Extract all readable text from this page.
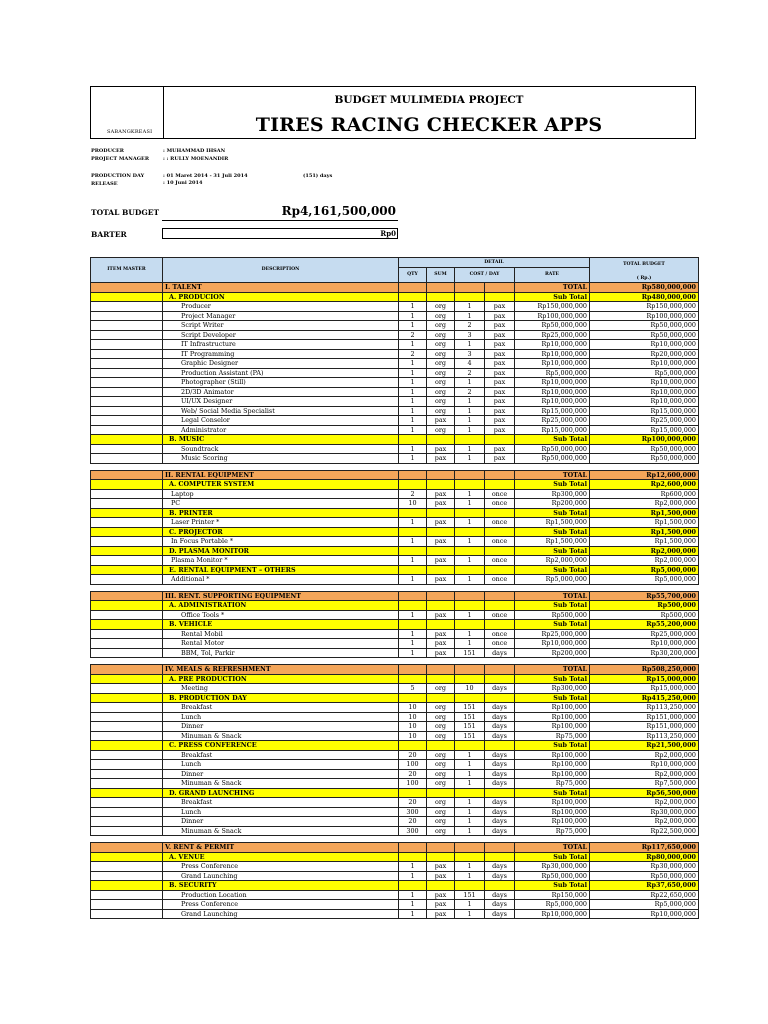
SABANGKREASI
BUDGET MULIMEDIA PROJECT
TIRES RACING CHECKER APPS
PRODUCER	: MUHAMMAD IHSAN
PROJECT MANAGER	: : RULLY MOENANDIR
PRODUCTION DAY	: 01 Maret 2014 - 31 Juli 2014	(151) days
RELEASE	: 10 Juni 2014
TOTAL BUDGET	Rp4,161,500,000
BARTER	Rp0
ITEM MASTER	DESCRIPTION	DETAIL					TOTAL BUDGET
		QTY	SUM	COST / DAY		RATE	( Rp.)
	I. TALENT					TOTAL	Rp580,000,000
	A. PRODUCION					Sub Total	Rp480,000,000
	Producer	1	org	1	pax	Rp150,000,000	Rp150,000,000
	Project Manager	1	org	1	pax	Rp100,000,000	Rp100,000,000
	Script Writer	1	org	2	pax	Rp50,000,000	Rp50,000,000
	Script Developer	2	org	3	pax	Rp25,000,000	Rp50,000,000
	IT Infrastructure	1	org	1	pax	Rp10,000,000	Rp10,000,000
	IT Programming	2	org	3	pax	Rp10,000,000	Rp20,000,000
	Graphic Designer	1	org	4	pax	Rp10,000,000	Rp10,000,000
	Production Assistant (PA)	1	org	2	pax	Rp5,000,000	Rp5,000,000
	Photographer (Still)	1	org	1	pax	Rp10,000,000	Rp10,000,000
	2D/3D Animator	1	org	2	pax	Rp10,000,000	Rp10,000,000
	UI/UX Designer	1	org	1	pax	Rp10,000,000	Rp10,000,000
	Web/ Social Media Specialist	1	org	1	pax	Rp15,000,000	Rp15,000,000
	Legal Conselor	1	pax	1	pax	Rp25,000,000	Rp25,000,000
	Administrator	1	org	1	pax	Rp15,000,000	Rp15,000,000
	B. MUSIC					Sub Total	Rp100,000,000
	Soundtrack	1	pax	1	pax	Rp50,000,000	Rp50,000,000
	Music Scoring	1	pax	1	pax	Rp50,000,000	Rp50,000,000

	II. RENTAL EQUIPMENT					TOTAL	Rp12,600,000
	A. COMPUTER SYSTEM					Sub Total	Rp2,600,000
	Laptop	2	pax	1	once	Rp300,000	Rp600,000
	PC	10	pax	1	once	Rp200,000	Rp2,000,000
	B. PRINTER					Sub Total	Rp1,500,000
	Laser Printer *	1	pax	1	once	Rp1,500,000	Rp1,500,000
	C. PROJECTOR					Sub Total	Rp1,500,000
	In Focus Portable *	1	pax	1	once	Rp1,500,000	Rp1,500,000
	D. PLASMA MONITOR					Sub Total	Rp2,000,000
	Plasma Monitor *	1	pax	1	once	Rp2,000,000	Rp2,000,000
	E. RENTAL EQUIPMENT – OTHERS					Sub Total	Rp5,000,000
	Additional *	1	pax	1	once	Rp5,000,000	Rp5,000,000

	III. RENT. SUPPORTING EQUIPMENT					TOTAL	Rp55,700,000
	A. ADMINISTRATION					Sub Total	Rp500,000
	Office Tools *	1	pax	1	once	Rp500,000	Rp500,000
	B. VEHICLE					Sub Total	Rp55,200,000
	Rental Mobil	1	pax	1	once	Rp25,000,000	Rp25,000,000
	Rental Motor	1	pax	1	once	Rp10,000,000	Rp10,000,000
	BBM, Tol, Parkir	1	pax	151	days	Rp200,000	Rp30,200,000

	IV. MEALS & REFRESHMENT					TOTAL	Rp508,250,000
	A. PRE PRODUCTION					Sub Total	Rp15,000,000
	Meeting	5	org	10	days	Rp300,000	Rp15,000,000
	B. PRODUCTION DAY					Sub Total	Rp415,250,000
	Breakfast	10	org	151	days	Rp100,000	Rp113,250,000
	Lunch	10	org	151	days	Rp100,000	Rp151,000,000
	Dinner	10	org	151	days	Rp100,000	Rp151,000,000
	Minuman & Snack	10	org	151	days	Rp75,000	Rp113,250,000
	C. PRESS CONFERENCE					Sub Total	Rp21,500,000
	Breakfast	20	org	1	days	Rp100,000	Rp2,000,000
	Lunch	100	org	1	days	Rp100,000	Rp10,000,000
	Dinner	20	org	1	days	Rp100,000	Rp2,000,000
	Minuman & Snack	100	org	1	days	Rp75,000	Rp7,500,000
	D. GRAND LAUNCHING					Sub Total	Rp56,500,000
	Breakfast	20	org	1	days	Rp100,000	Rp2,000,000
	Lunch	300	org	1	days	Rp100,000	Rp30,000,000
	Dinner	20	org	1	days	Rp100,000	Rp2,000,000
	Minuman & Snack	300	org	1	days	Rp75,000	Rp22,500,000

	V. RENT & PERMIT					TOTAL	Rp117,650,000
	A. VENUE					Sub Total	Rp80,000,000
	Press Conference	1	pax	1	days	Rp30,000,000	Rp30,000,000
	Grand Launching	1	pax	1	days	Rp50,000,000	Rp50,000,000
	B. SECURITY					Sub Total	Rp37,650,000
	Production Location	1	pax	151	days	Rp150,000	Rp22,650,000
	Press Conference	1	pax	1	days	Rp5,000,000	Rp5,000,000
	Grand Launching	1	pax	1	days	Rp10,000,000	Rp10,000,000
